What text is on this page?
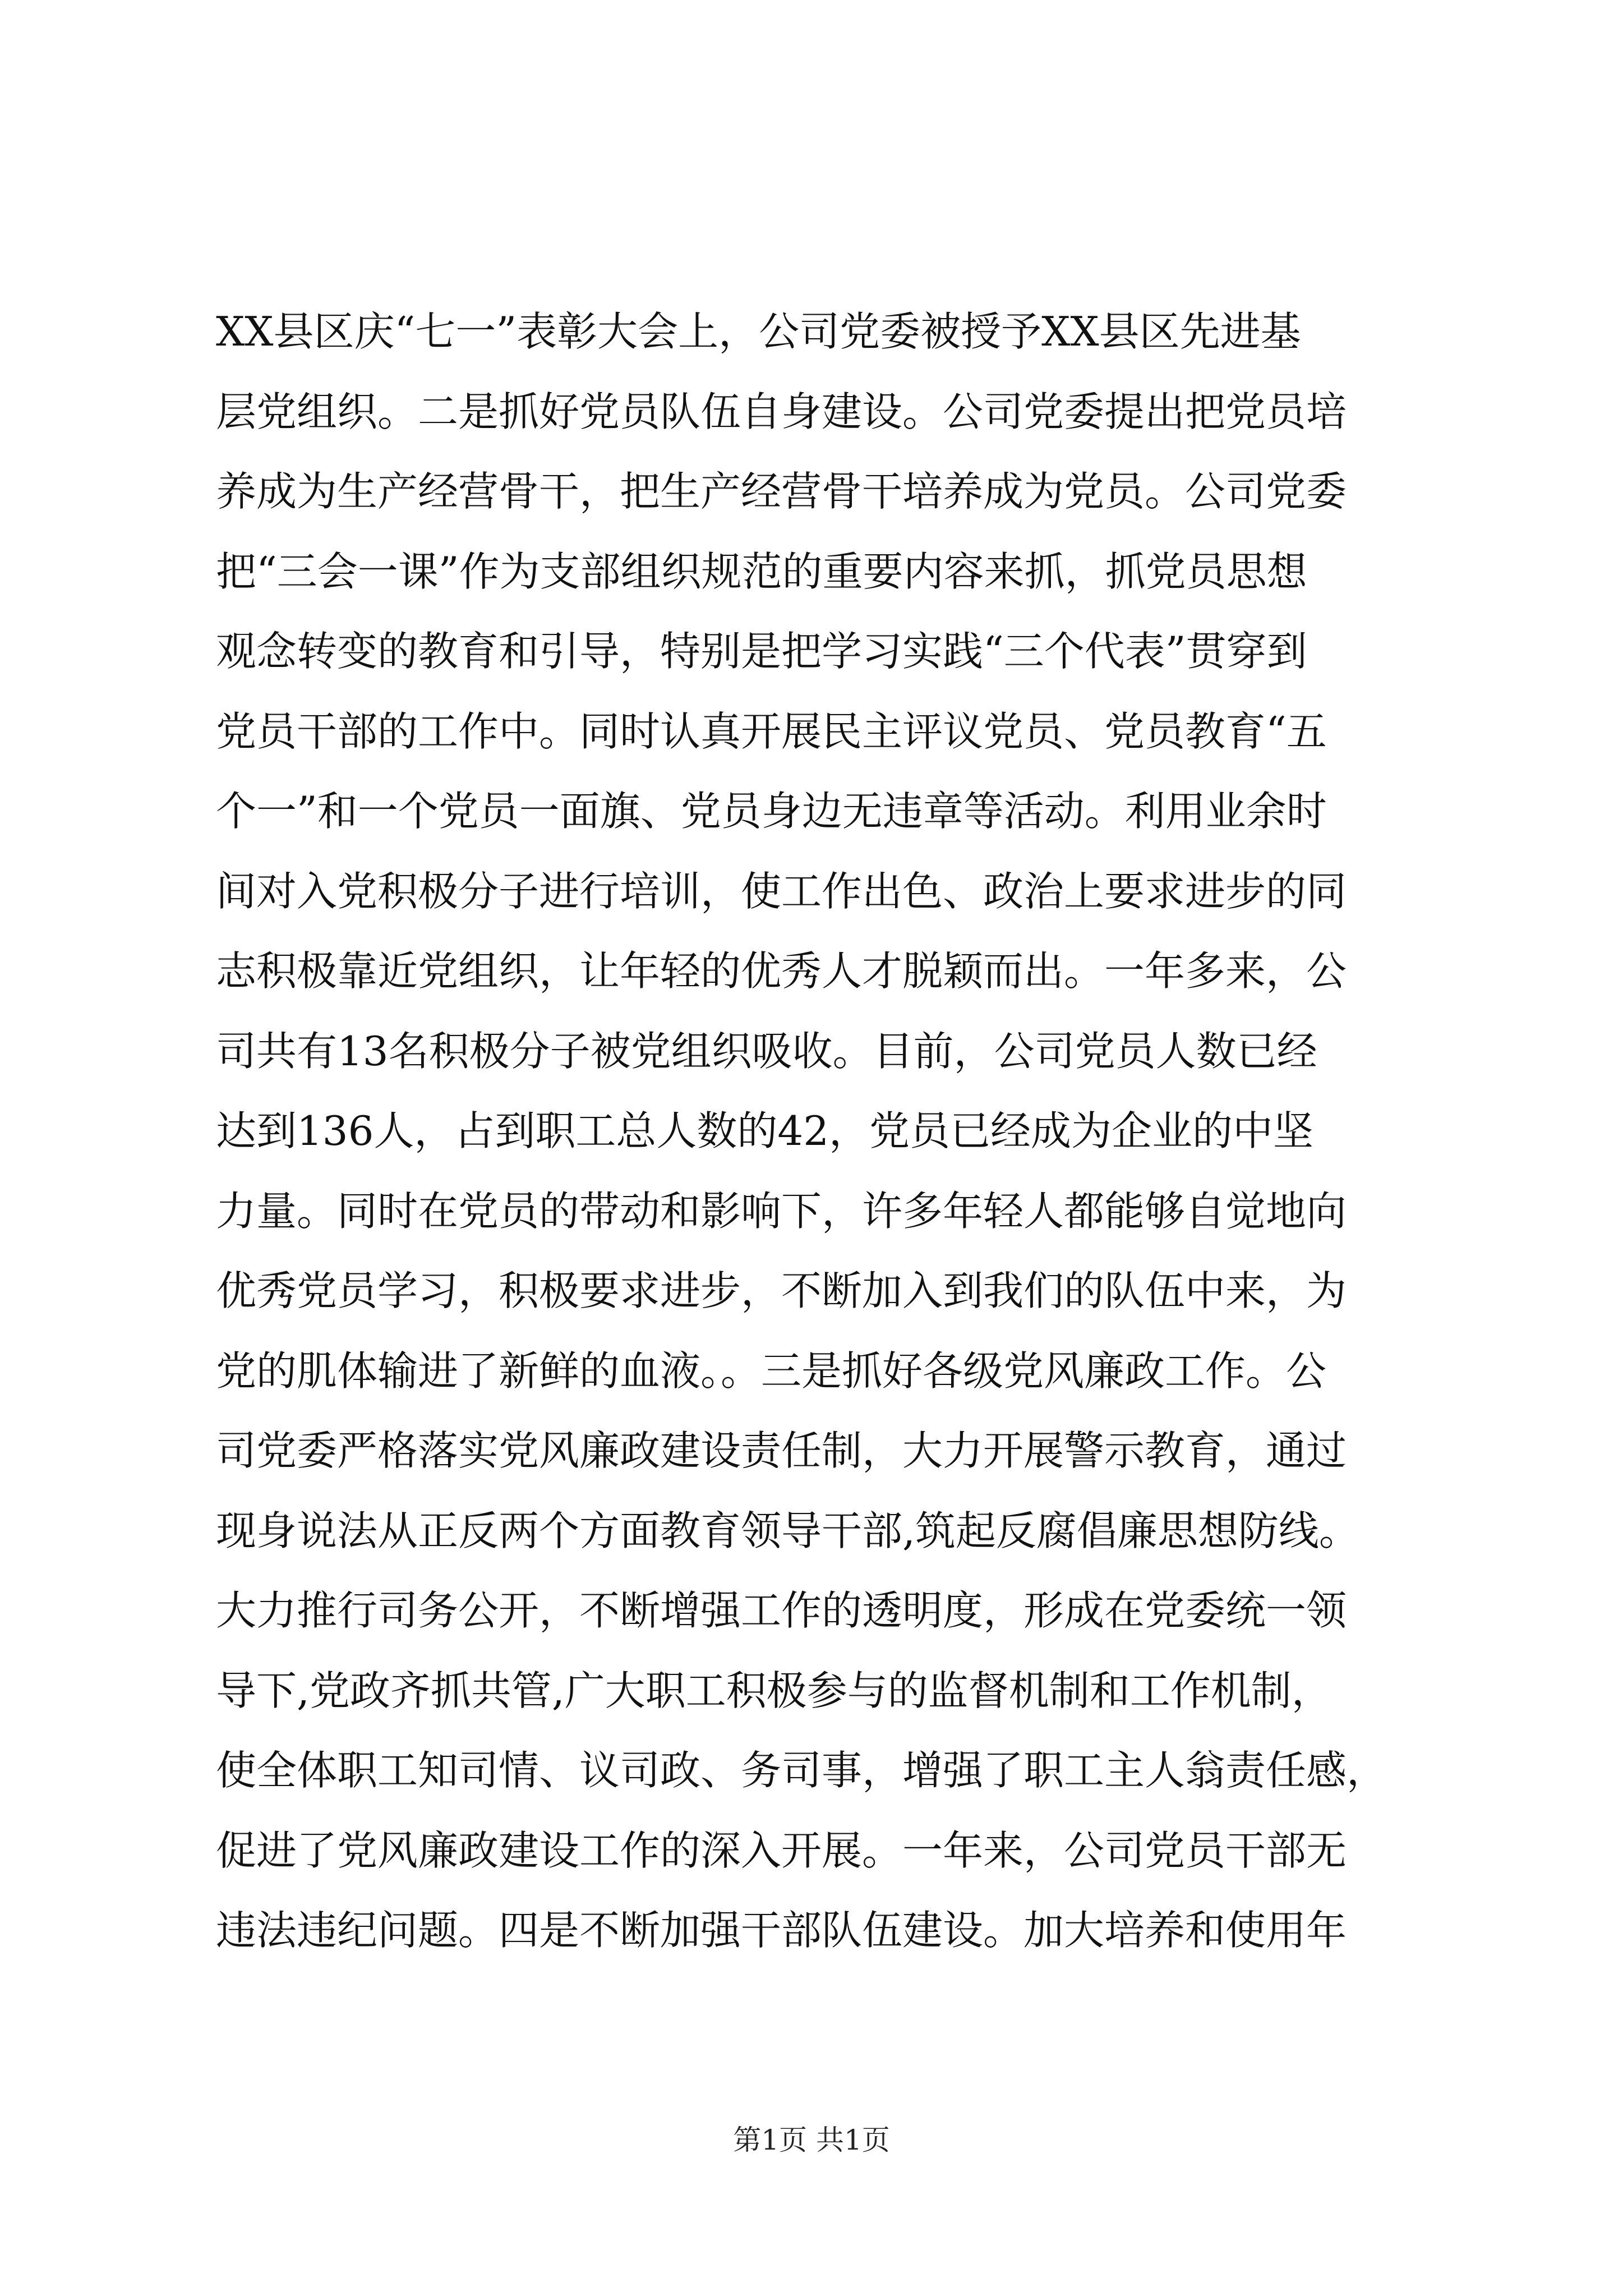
XX县区庆“七一”表彰大会上，公司党委被授予XX县区先进基
层党组织。二是抓好党员队伍自身建设。公司党委提出把党员培
养成为生产经营骨干，把生产经营骨干培养成为党员。公司党委
把“三会一课”作为支部组织规范的重要内容来抓，抓党员思想
观念转变的教育和引导，特别是把学习实践“三个代表”贯穿到
党员干部的工作中。同时认真开展民主评议党员、党员教育“五
个一”和一个党员一面旗、党员身边无违章等活动。利用业余时
间对入党积极分子进行培训，使工作出色、政治上要求进步的同
志积极靠近党组织，让年轻的优秀人才脱颖而出。一年多来，公
司共有13名积极分子被党组织吸收。目前，公司党员人数已经
达到136人，占到职工总人数的42，党员已经成为企业的中坚
力量。同时在党员的带动和影响下，许多年轻人都能够自觉地向
优秀党员学习，积极要求进步，不断加入到我们的队伍中来，为
党的肌体输进了新鲜的血液。。三是抓好各级党风廉政工作。公
司党委严格落实党风廉政建设责任制，大力开展警示教育，通过
现身说法从正反两个方面教育领导干部,筑起反腐倡廉思想防线。
大力推行司务公开，不断增强工作的透明度，形成在党委统一领
导下,党政齐抓共管,广大职工积极参与的监督机制和工作机制，
使全体职工知司情、议司政、务司事，增强了职工主人翁责任感，
促进了党风廉政建设工作的深入开展。一年来，公司党员干部无
违法违纪问题。四是不断加强干部队伍建设。加大培养和使用年
第1页 共1页
